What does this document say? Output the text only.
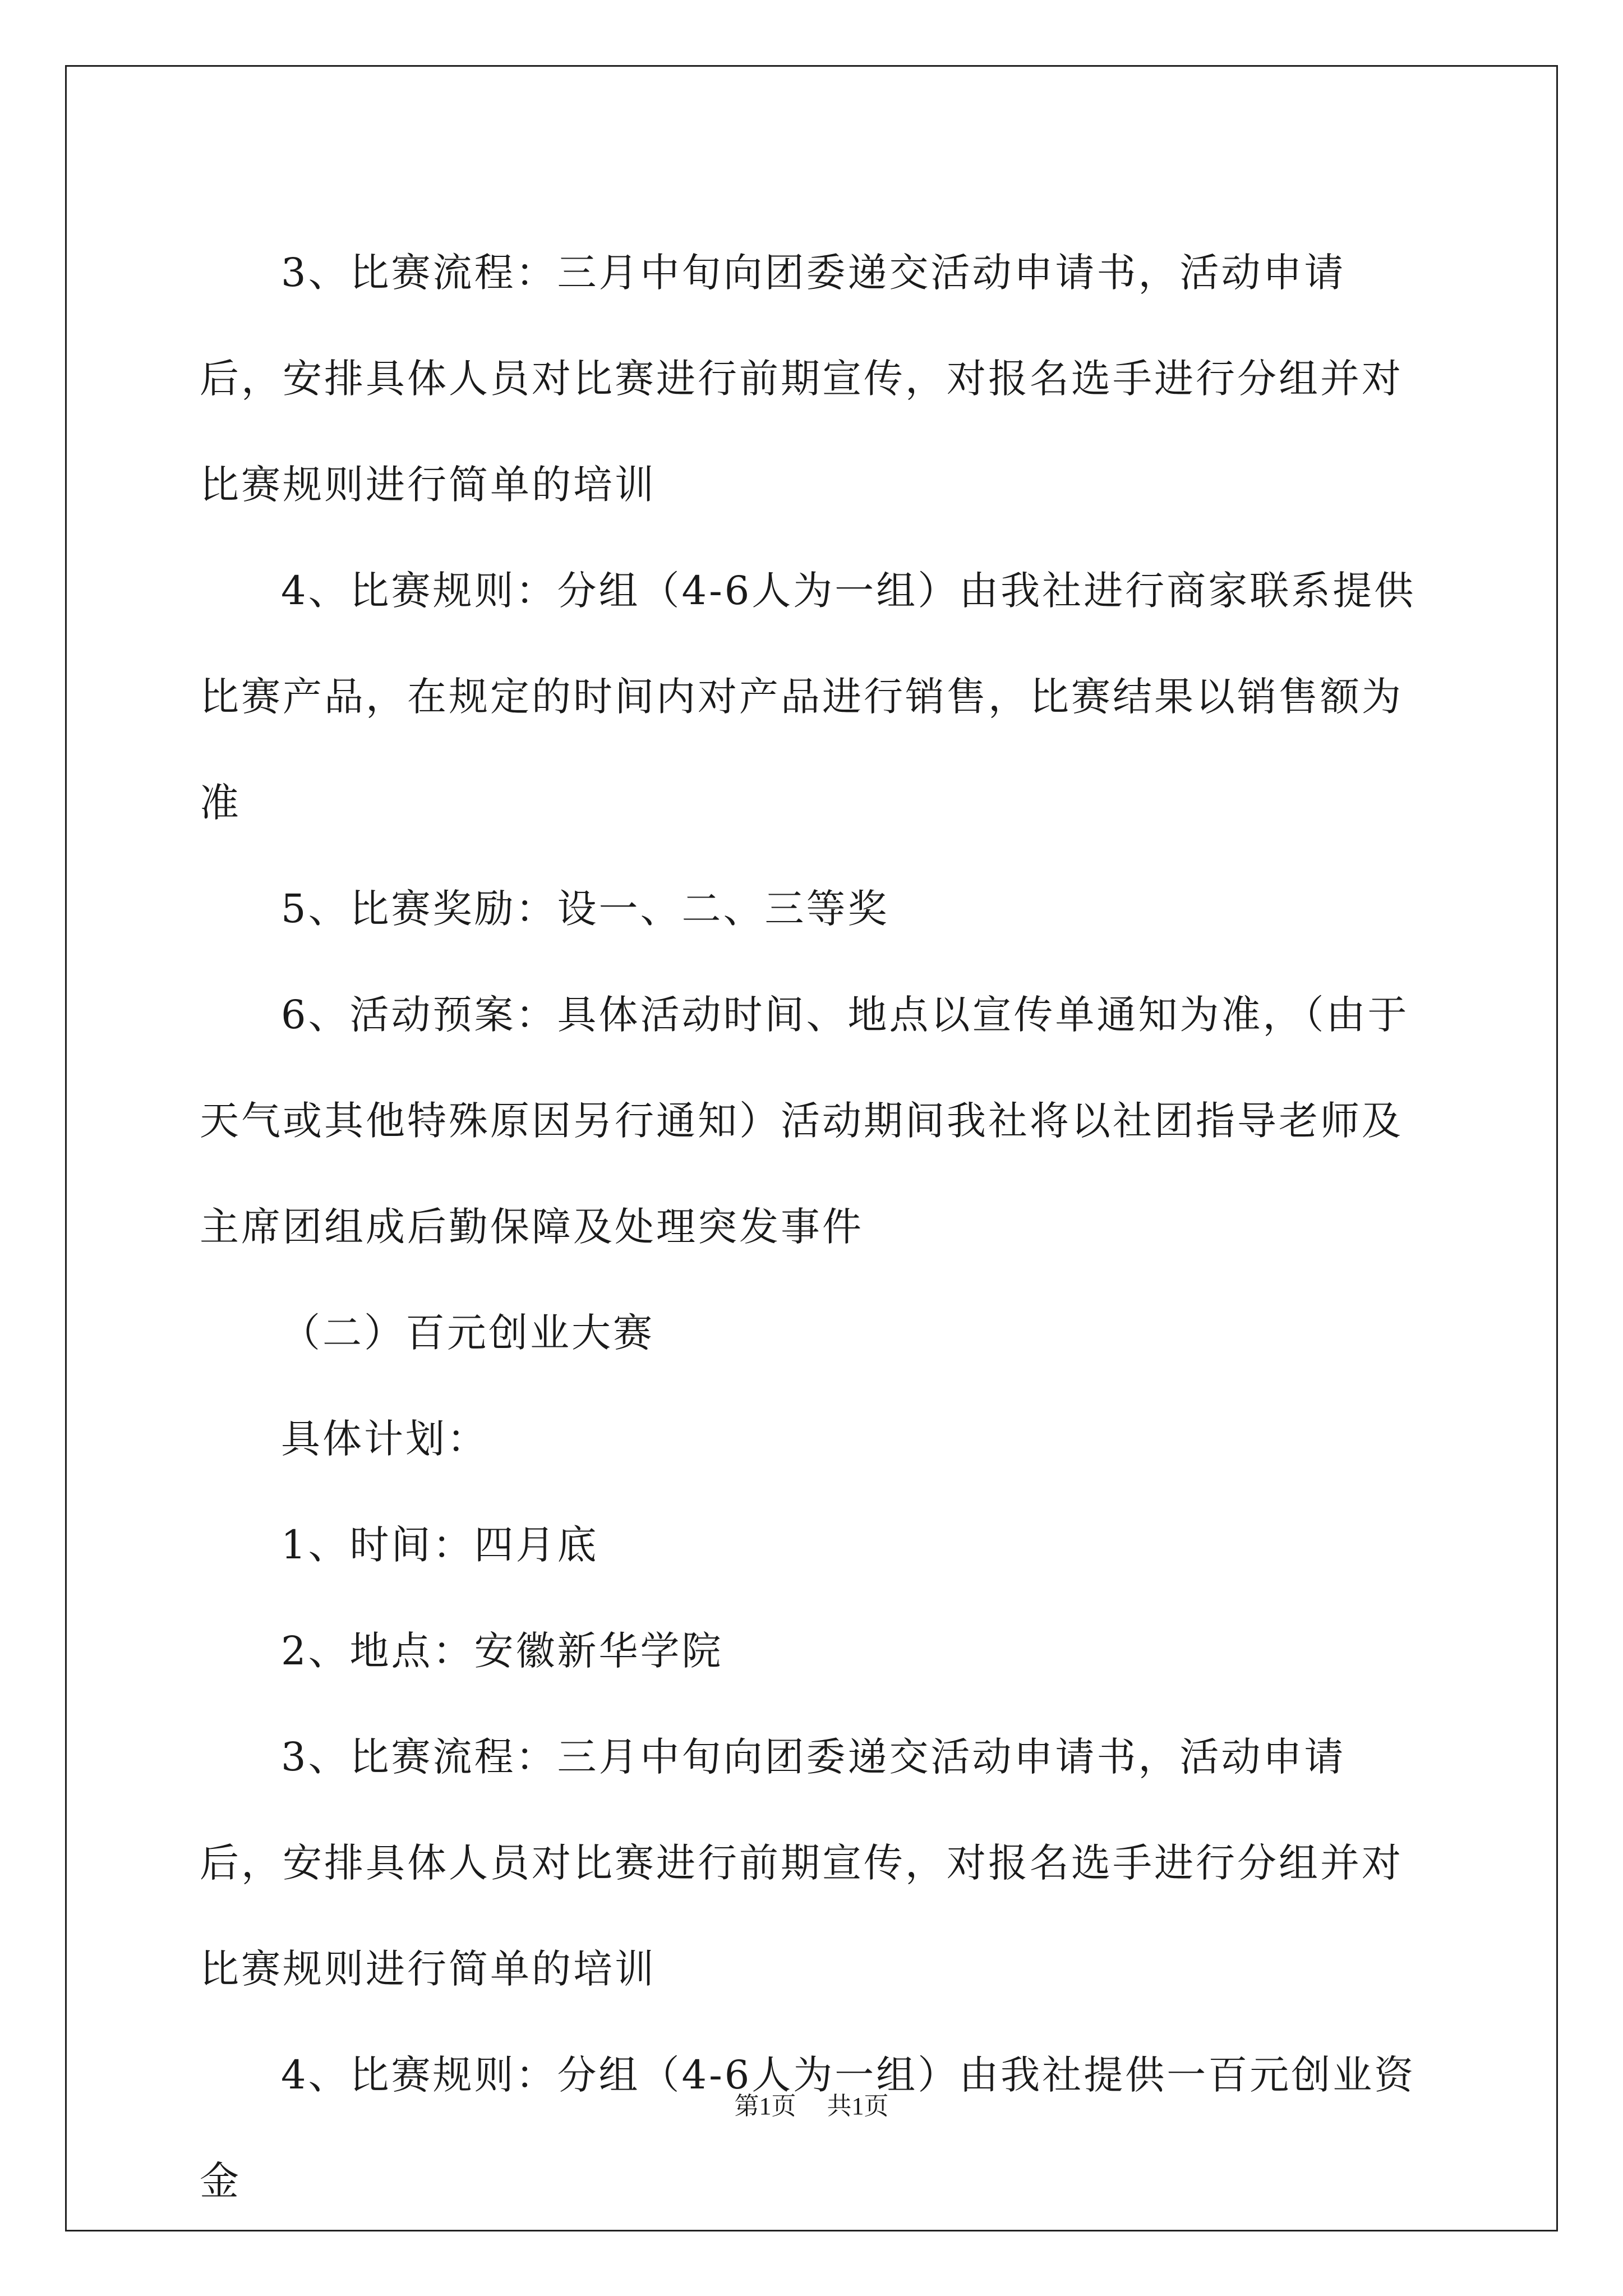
3、比赛流程：三月中旬向团委递交活动申请书，活动申请后，安排具体人员对比赛进行前期宣传，对报名选手进行分组并对比赛规则进行简单的培训

4、比赛规则：分组（4-6人为一组）由我社进行商家联系提供比赛产品，在规定的时间内对产品进行销售，比赛结果以销售额为准

5、比赛奖励：设一、二、三等奖

6、活动预案：具体活动时间、地点以宣传单通知为准，（由于天气或其他特殊原因另行通知）活动期间我社将以社团指导老师及主席团组成后勤保障及处理突发事件

（二）百元创业大赛

具体计划：

1、时间：四月底

2、地点：安徽新华学院

3、比赛流程：三月中旬向团委递交活动申请书，活动申请后，安排具体人员对比赛进行前期宣传，对报名选手进行分组并对比赛规则进行简单的培训

4、比赛规则：分组（4-6人为一组）由我社提供一百元创业资金

第1页 共1页
